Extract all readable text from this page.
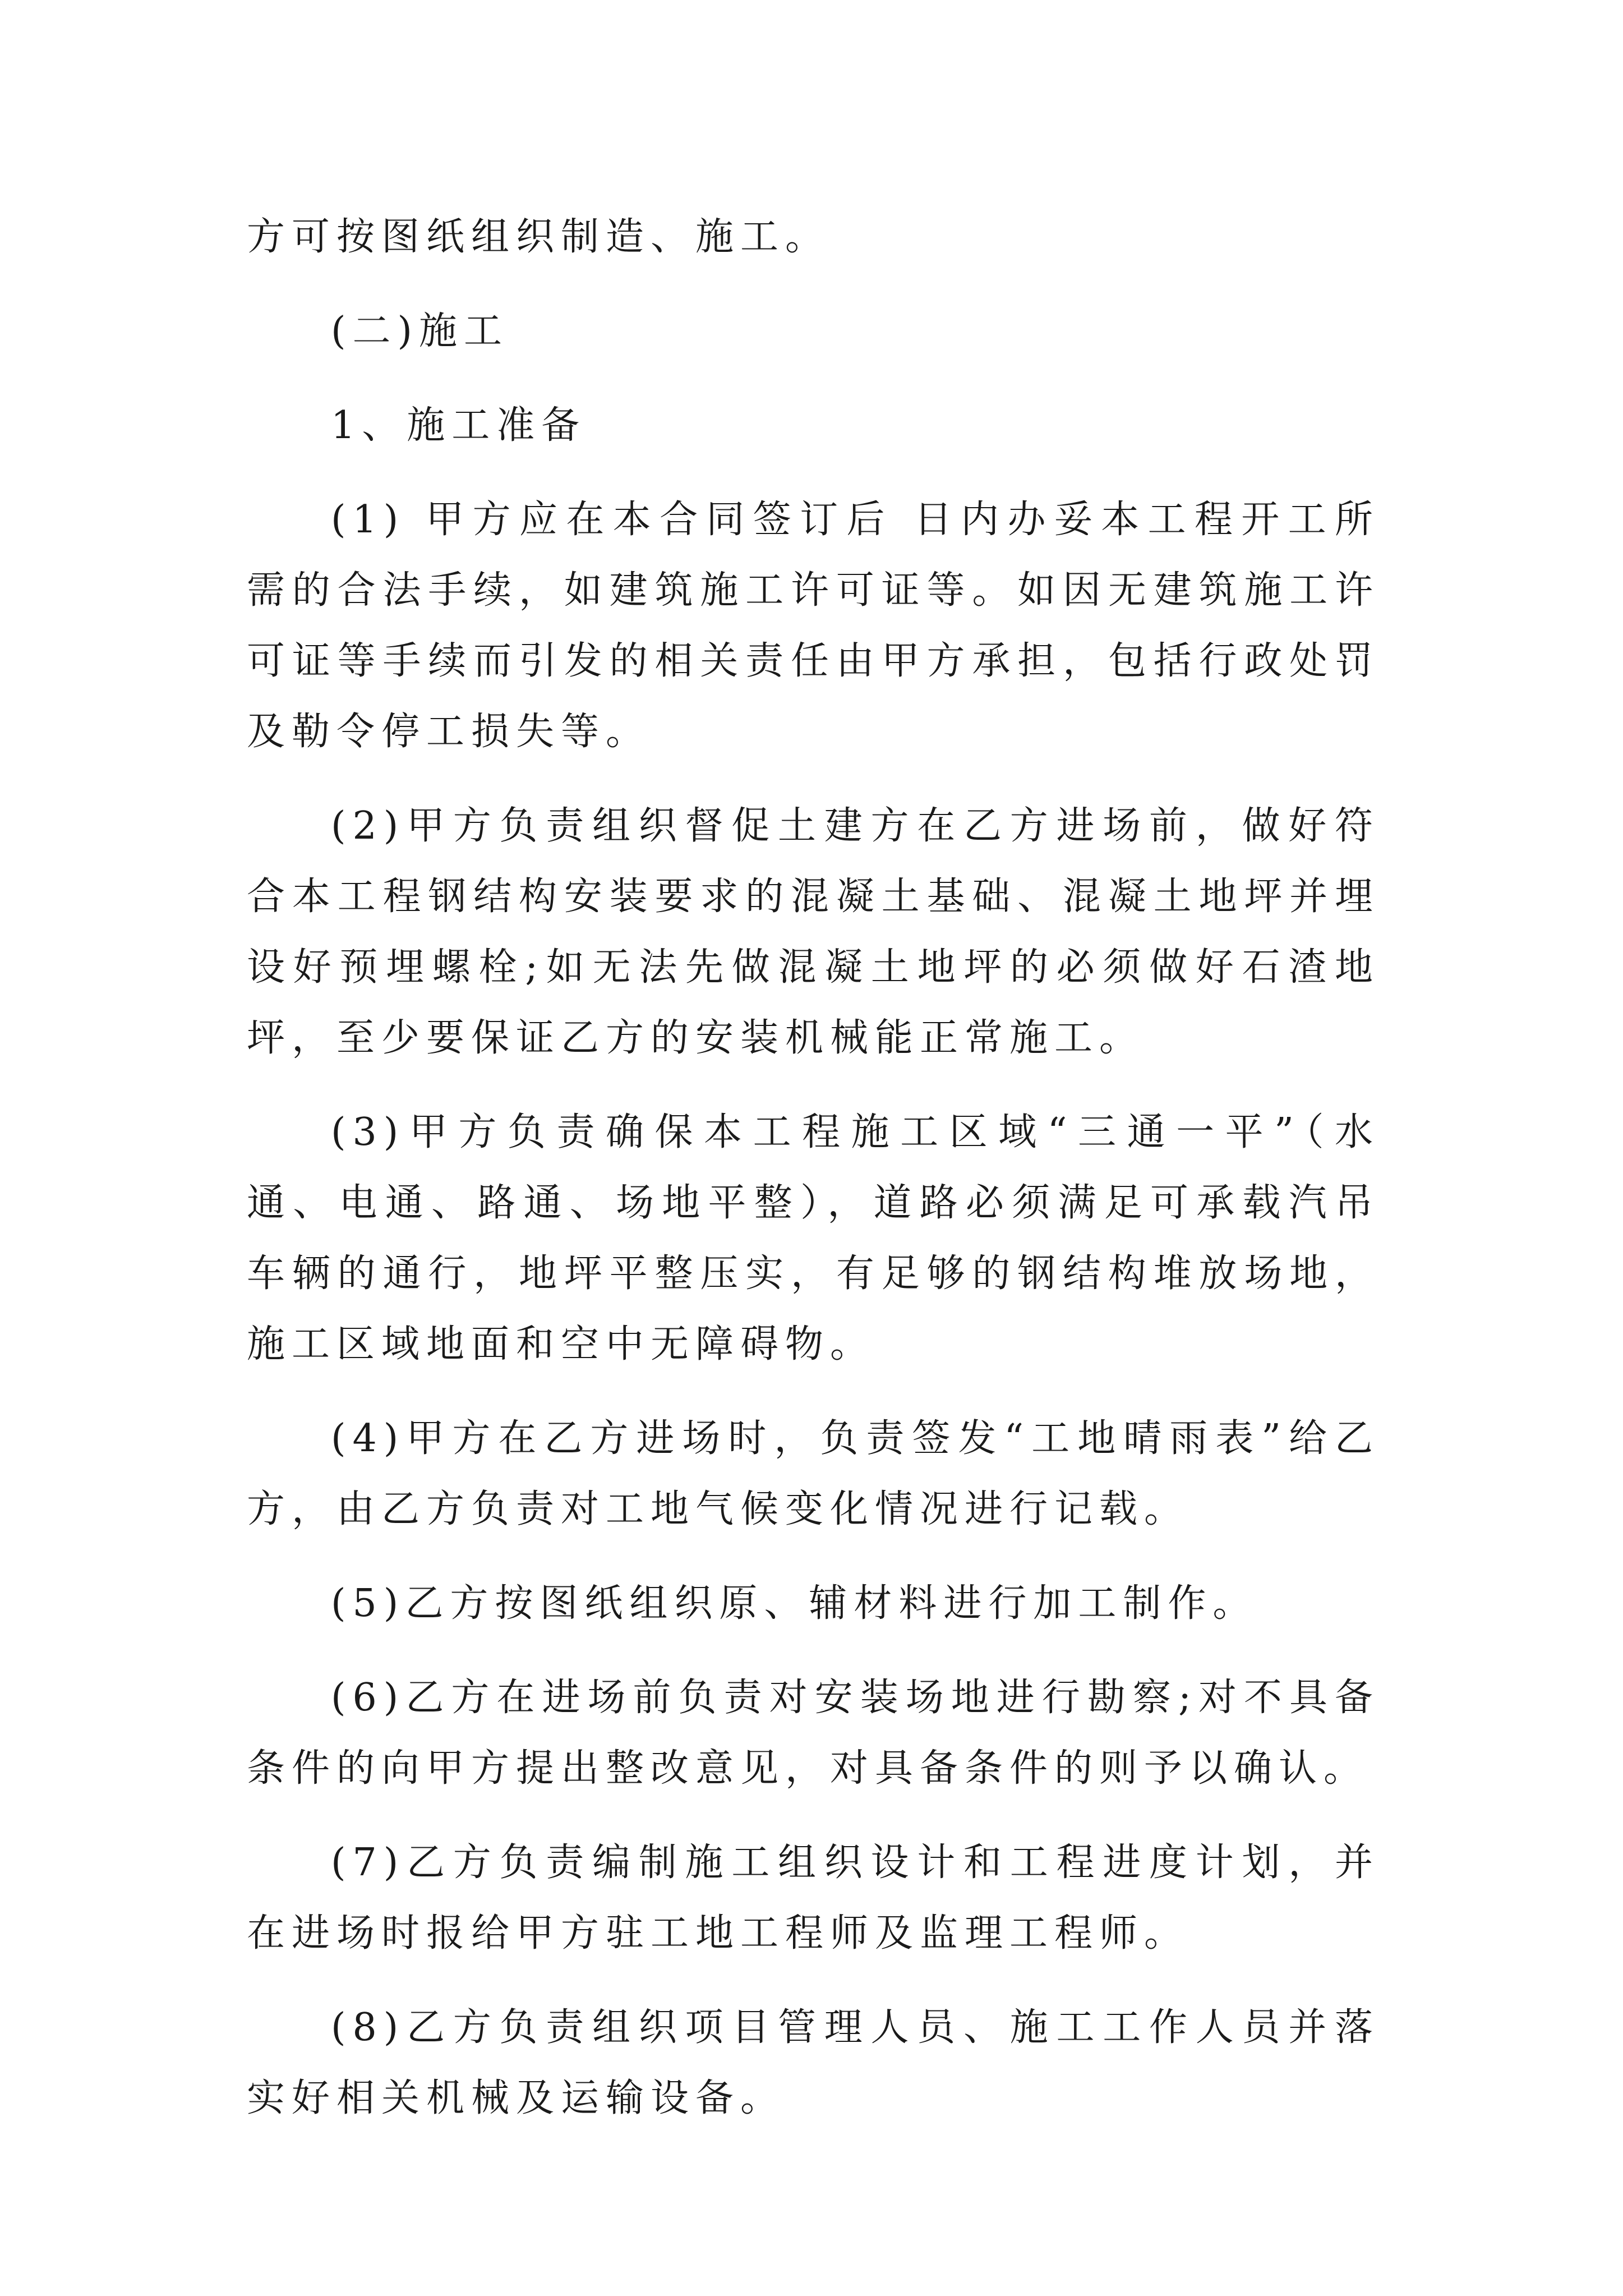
方可按图纸组织制造、施工。

(二)施工

1、施工准备

(1) 甲方应在本合同签订后 日内办妥本工程开工所需的合法手续，如建筑施工许可证等。如因无建筑施工许可证等手续而引发的相关责任由甲方承担，包括行政处罚及勒令停工损失等。

(2)甲方负责组织督促土建方在乙方进场前，做好符合本工程钢结构安装要求的混凝土基础、混凝土地坪并埋设好预埋螺栓;如无法先做混凝土地坪的必须做好石渣地坪，至少要保证乙方的安装机械能正常施工。

(3)甲方负责确保本工程施工区域“三通一平”（水通、电通、路通、场地平整），道路必须满足可承载汽吊车辆的通行，地坪平整压实，有足够的钢结构堆放场地，施工区域地面和空中无障碍物。

(4)甲方在乙方进场时，负责签发“工地晴雨表”给乙方，由乙方负责对工地气候变化情况进行记载。

(5)乙方按图纸组织原、辅材料进行加工制作。

(6)乙方在进场前负责对安装场地进行勘察;对不具备条件的向甲方提出整改意见，对具备条件的则予以确认。

(7)乙方负责编制施工组织设计和工程进度计划，并在进场时报给甲方驻工地工程师及监理工程师。

(8)乙方负责组织项目管理人员、施工工作人员并落实好相关机械及运输设备。
